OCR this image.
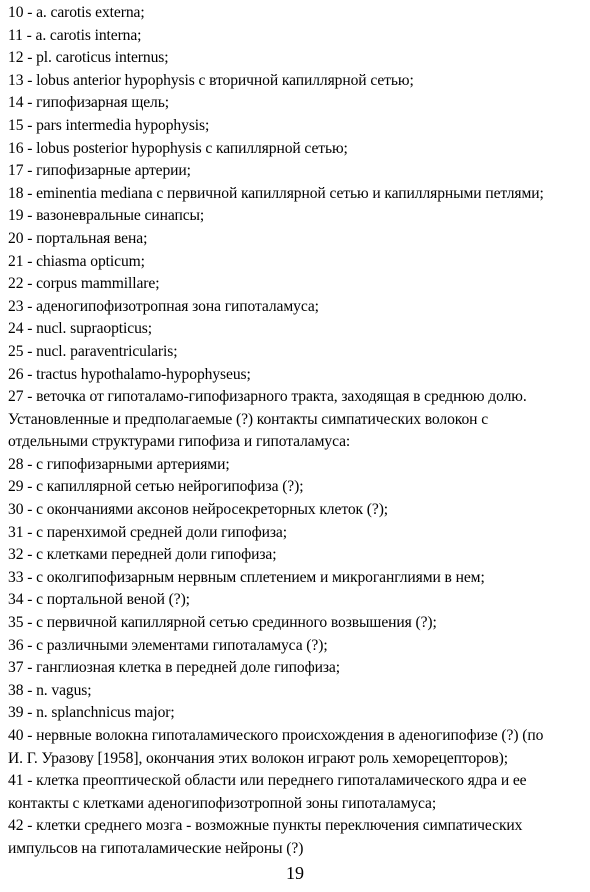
10 - a. carotis externa;
11 - a. carotis interna;
12 - pl. caroticus internus;
13 - lobus anterior hypophysis с вторичной капиллярной сетью;
14 - гипофизарная щель;
15 - pars intermedia hypophysis;
16 - lobus posterior hypophysis с капиллярной сетью;
17 - гипофизарные артерии;
18 - eminentia mediana с первичной капиллярной сетью и капиллярными петлями;
19 - вазоневральные синапсы;
20 - портальная вена;
21 - chiasma opticum;
22 - corpus mammillare;
23 - аденогипофизотропная зона гипоталамуса;
24 - nucl. supraopticus;
25 - nucl. paraventricularis;
26 - tractus hypothalamo-hypophyseus;
27 - веточка от гипоталамо-гипофизарного тракта, заходящая в среднюю долю.
Установленные и предполагаемые (?) контакты симпатических волокон с
отдельными структурами гипофиза и гипоталамуса:
28 - с гипофизарными артериями;
29 - с капиллярной сетью нейрогипофиза (?);
30 - с окончаниями аксонов нейросекреторных клеток (?);
31 - с паренхимой средней доли гипофиза;
32 - с клетками передней доли гипофиза;
33 - с околгипофизарным нервным сплетением и микроганглиями в нем;
34 - с портальной веной (?);
35 - с первичной капиллярной сетью срединного возвышения (?);
36 - с различными элементами гипоталамуса (?);
37 - ганглиозная клетка в передней доле гипофиза;
38 - n. vagus;
39 - n. splanchnicus major;
40 - нервные волокна гипоталамического происхождения в аденогипофизе (?) (по
И. Г. Уразову [1958], окончания этих волокон играют роль хеморецепторов);
41 - клетка преоптической области или переднего гипоталамического ядра и ее
контакты с клетками аденогипофизотропной зоны гипоталамуса;
42 - клетки среднего мозга - возможные пункты переключения симпатических
импульсов на гипоталамические нейроны (?)
19
